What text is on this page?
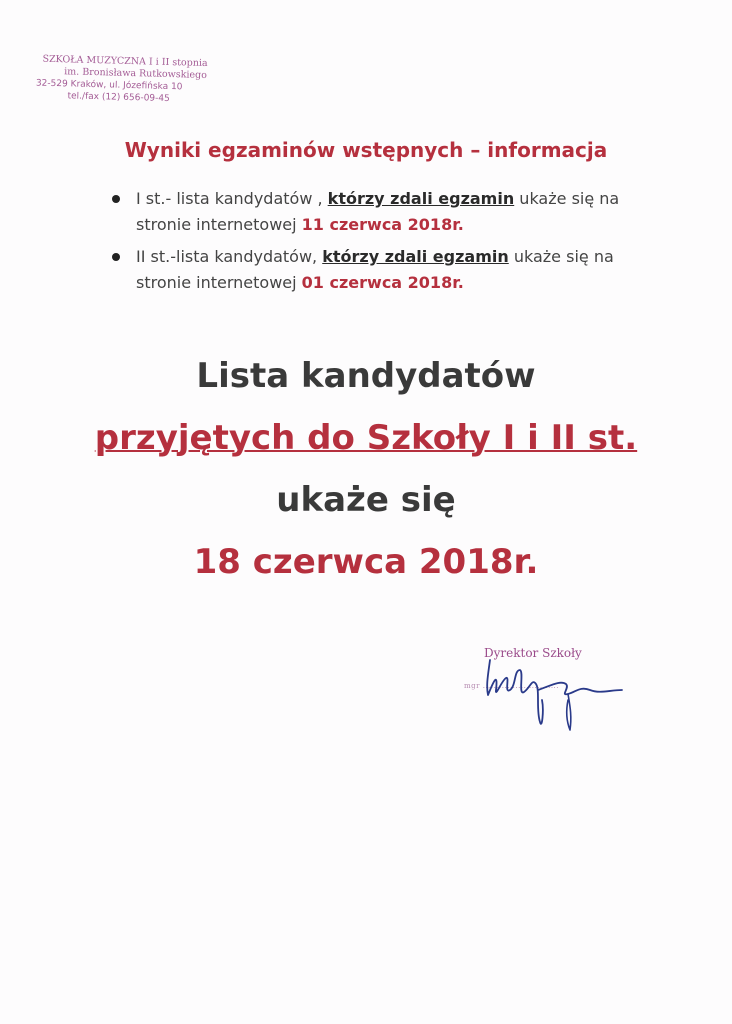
SZKOŁA MUZYCZNA I i II stopnia
im. Bronisława Rutkowskiego
32-529 Kraków, ul. Józefińska 10
tel./fax (12) 656-09-45
Wyniki egzaminów wstępnych – informacja
I st.- lista kandydatów , którzy zdali egzamin ukaże się na stronie internetowej 11 czerwca 2018r.
II st.-lista kandydatów, którzy zdali egzamin ukaże się na stronie internetowej 01 czerwca 2018r.
Lista kandydatów
przyjętych do Szkoły I i II st.
ukaże się
18 czerwca 2018r.
Dyrektor Szkoły
mgr ............................
